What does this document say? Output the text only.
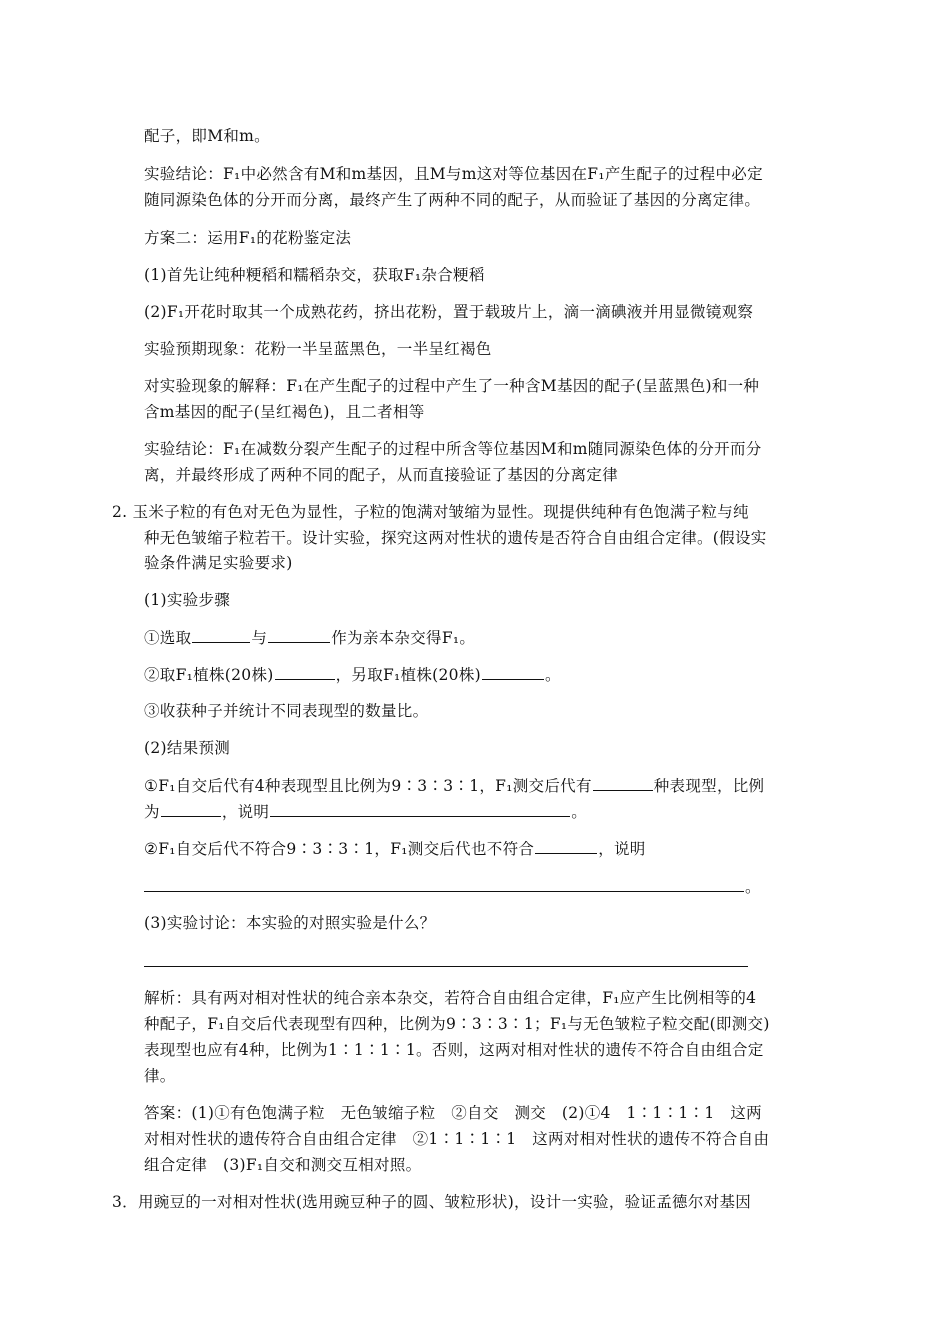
配子，即M和m。
实验结论：F₁中必然含有M和m基因，且M与m这对等位基因在F₁产生配子的过程中必定
随同源染色体的分开而分离，最终产生了两种不同的配子，从而验证了基因的分离定律。
方案二：运用F₁的花粉鉴定法
(1)首先让纯种粳稻和糯稻杂交，获取F₁杂合粳稻
(2)F₁开花时取其一个成熟花药，挤出花粉，置于载玻片上，滴一滴碘液并用显微镜观察
实验预期现象：花粉一半呈蓝黑色，一半呈红褐色
对实验现象的解释：F₁在产生配子的过程中产生了一种含M基因的配子(呈蓝黑色)和一种
含m基因的配子(呈红褐色)，且二者相等
实验结论：F₁在减数分裂产生配子的过程中所含等位基因M和m随同源染色体的分开而分
离，并最终形成了两种不同的配子，从而直接验证了基因的分离定律
2. 玉米子粒的有色对无色为显性，子粒的饱满对皱缩为显性。现提供纯种有色饱满子粒与纯
种无色皱缩子粒若干。设计实验，探究这两对性状的遗传是否符合自由组合定律。(假设实
验条件满足实验要求)
(1)实验步骤
①选取	与	作为亲本杂交得F₁。
②取F₁植株(20株)	，另取F₁植株(20株)	。
③收获种子并统计不同表现型的数量比。
(2)结果预测
①F₁自交后代有4种表现型且比例为9∶3∶3∶1，F₁测交后代有	种表现型，比例
为	，说明	。
②F₁自交后代不符合9∶3∶3∶1，F₁测交后代也不符合	，说明
。
(3)实验讨论：本实验的对照实验是什么？
解析：具有两对相对性状的纯合亲本杂交，若符合自由组合定律，F₁应产生比例相等的4
种配子，F₁自交后代表现型有四种，比例为9∶3∶3∶1；F₁与无色皱粒子粒交配(即测交)
表现型也应有4种，比例为1∶1∶1∶1。否则，这两对相对性状的遗传不符合自由组合定
律。
答案：(1)①有色饱满子粒　无色皱缩子粒　②自交　测交　(2)①4　1∶1∶1∶1　这两
对相对性状的遗传符合自由组合定律　②1∶1∶1∶1　这两对相对性状的遗传不符合自由
组合定律　(3)F₁自交和测交互相对照。
3．用豌豆的一对相对性状(选用豌豆种子的圆、皱粒形状)，设计一实验，验证孟德尔对基因
